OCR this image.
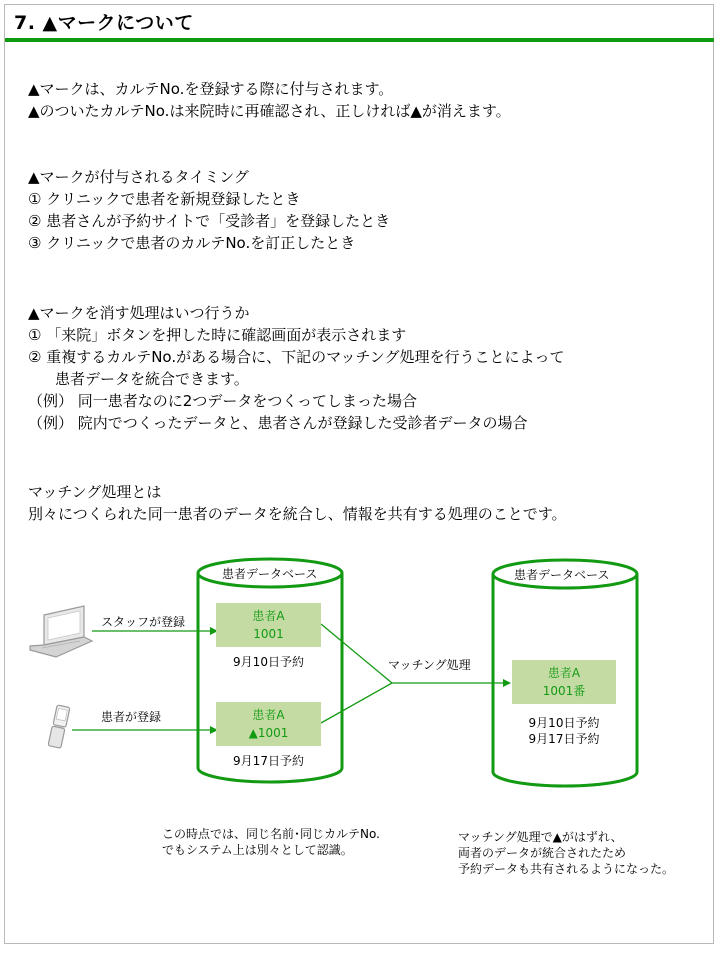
7. ▲マークについて
▲マークは、カルテNo.を登録する際に付与されます。
▲のついたカルテNo.は来院時に再確認され、正しければ▲が消えます。
▲マークが付与されるタイミング
① クリニックで患者を新規登録したとき
② 患者さんが予約サイトで「受診者」を登録したとき
③ クリニックで患者のカルテNo.を訂正したとき
▲マークを消す処理はいつ行うか
① 「来院」ボタンを押した時に確認画面が表示されます
② 重複するカルテNo.がある場合に、下記のマッチング処理を行うことによって
患者データを統合できます。
（例） 同一患者なのに2つデータをつくってしまった場合
（例） 院内でつくったデータと、患者さんが登録した受診者データの場合
マッチング処理とは
別々につくられた同一患者のデータを統合し、情報を共有する処理のことです。
患者データベース	患者データベース
スタッフが登録
患者が登録
患者A
1001
9月10日予約
患者A
▲1001
9月17日予約
マッチング処理
患者A
1001番
9月10日予約
9月17日予約
この時点では、同じ名前･同じカルテNo.
でもシステム上は別々として認識。
マッチング処理で▲がはずれ、
両者のデータが統合されたため
予約データも共有されるようになった。
